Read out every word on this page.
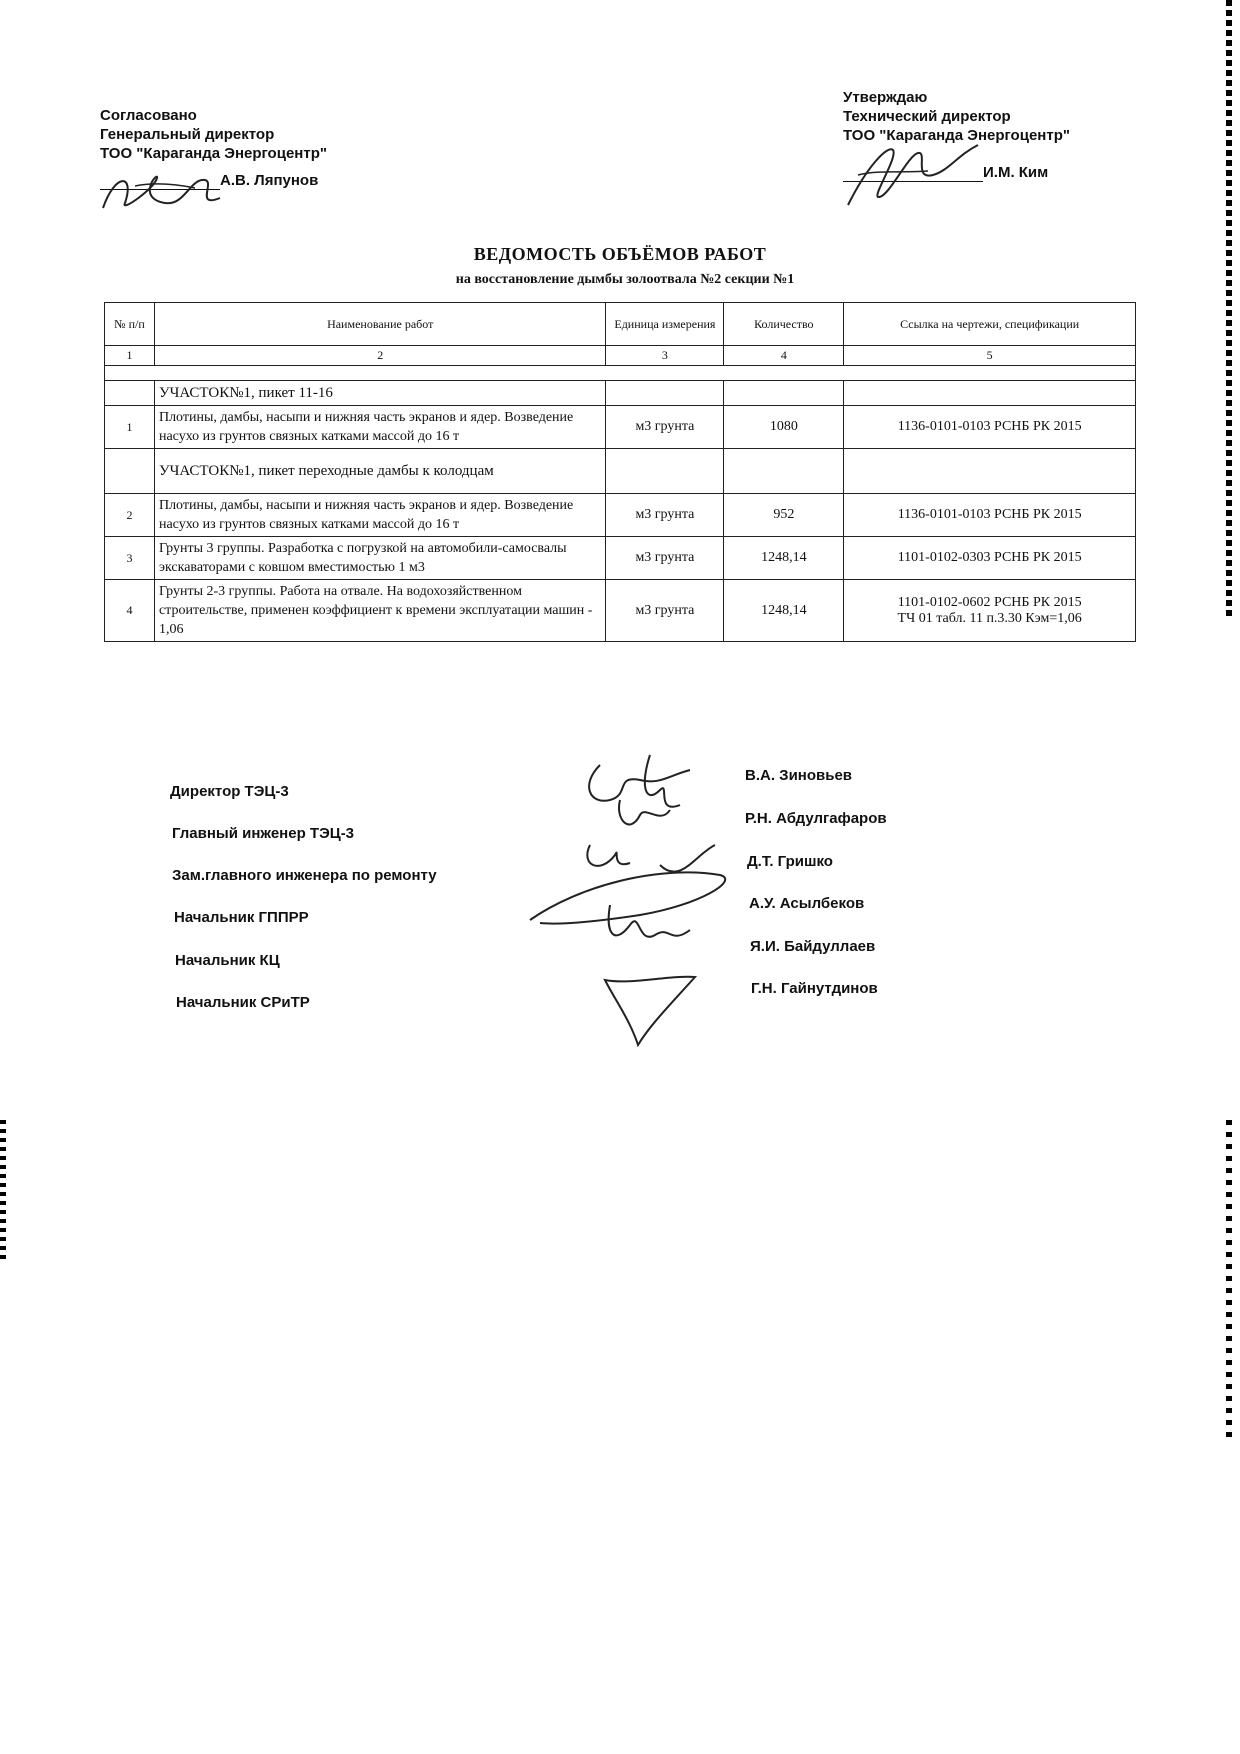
Согласовано
Генеральный директор
ТОО "Караганда Энергоцентр"
А.В. Ляпунов
Утверждаю
Технический директор
ТОО "Караганда Энергоцентр"
И.М. Ким
ВЕДОМОСТЬ ОБЪЁМОВ РАБОТ
на восстановление дымбы золоотвала №2 секции №1
№ п/п	Наименование работ	Единица измерения	Количество	Ссылка на чертежи, спецификации
1	2	3	4	5

	УЧАСТОК№1, пикет 11-16			
1	Плотины, дамбы, насыпи и нижняя часть экранов и ядер. Возведение насухо из грунтов связных катками массой до 16 т	м3 грунта	1080	1136-0101-0103 РСНБ РК 2015
	УЧАСТОК№1, пикет переходные дамбы к колодцам			
2	Плотины, дамбы, насыпи и нижняя часть экранов и ядер. Возведение насухо из грунтов связных катками массой до 16 т	м3 грунта	952	1136-0101-0103 РСНБ РК 2015
3	Грунты 3 группы. Разработка с погрузкой на автомобили-самосвалы экскаваторами с ковшом вместимостью 1 м3	м3 грунта	1248,14	1101-0102-0303 РСНБ РК 2015
4	Грунты 2-3 группы. Работа на отвале. На водохозяйственном строительстве, применен коэффициент к времени эксплуатации машин - 1,06	м3 грунта	1248,14	1101-0102-0602 РСНБ РК 2015
ТЧ 01 табл. 11 п.3.30 Кэм=1,06
Директор ТЭЦ-3
В.А. Зиновьев
Главный инженер ТЭЦ-3
Р.Н. Абдулгафаров
Зам.главного инженера по ремонту
Д.Т. Гришко
Начальник ГППРР
А.У. Асылбеков
Начальник КЦ
Я.И. Байдуллаев
Начальник СРиТР
Г.Н. Гайнутдинов
